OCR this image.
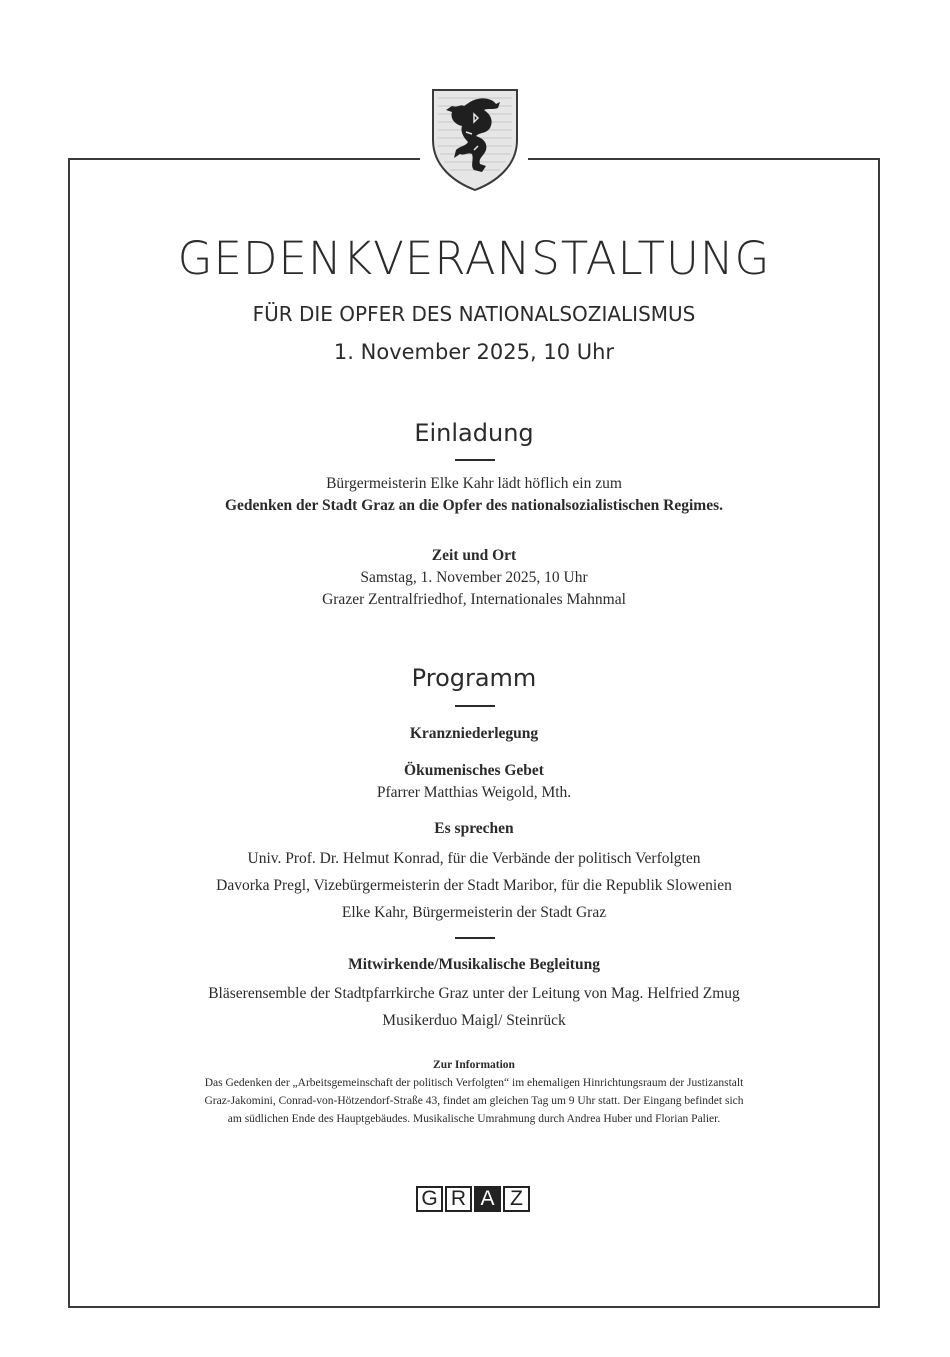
GEDENKVERANSTALTUNG
FÜR DIE OPFER DES NATIONALSOZIALISMUS
1. November 2025, 10 Uhr
Einladung
Bürgermeisterin Elke Kahr lädt höflich ein zum
Gedenken der Stadt Graz an die Opfer des nationalsozialistischen Regimes.
Zeit und Ort
Samstag, 1. November 2025, 10 Uhr
Grazer Zentralfriedhof, Internationales Mahnmal
Programm
Kranzniederlegung
Ökumenisches Gebet
Pfarrer Matthias Weigold, Mth.
Es sprechen
Univ. Prof. Dr. Helmut Konrad, für die Verbände der politisch Verfolgten
Davorka Pregl, Vizebürgermeisterin der Stadt Maribor, für die Republik Slowenien
Elke Kahr, Bürgermeisterin der Stadt Graz
Mitwirkende/Musikalische Begleitung
Bläserensemble der Stadtpfarrkirche Graz unter der Leitung von Mag. Helfried Zmug
Musikerduo Maigl/ Steinrück
Zur Information
Das Gedenken der „Arbeitsgemeinschaft der politisch Verfolgten“ im ehemaligen Hinrichtungsraum der Justizanstalt
Graz-Jakomini, Conrad-von-Hötzendorf-Straße 43, findet am gleichen Tag um 9 Uhr statt. Der Eingang befindet sich
am südlichen Ende des Hauptgebäudes. Musikalische Umrahmung durch Andrea Huber und Florian Palier.
G R A Z
